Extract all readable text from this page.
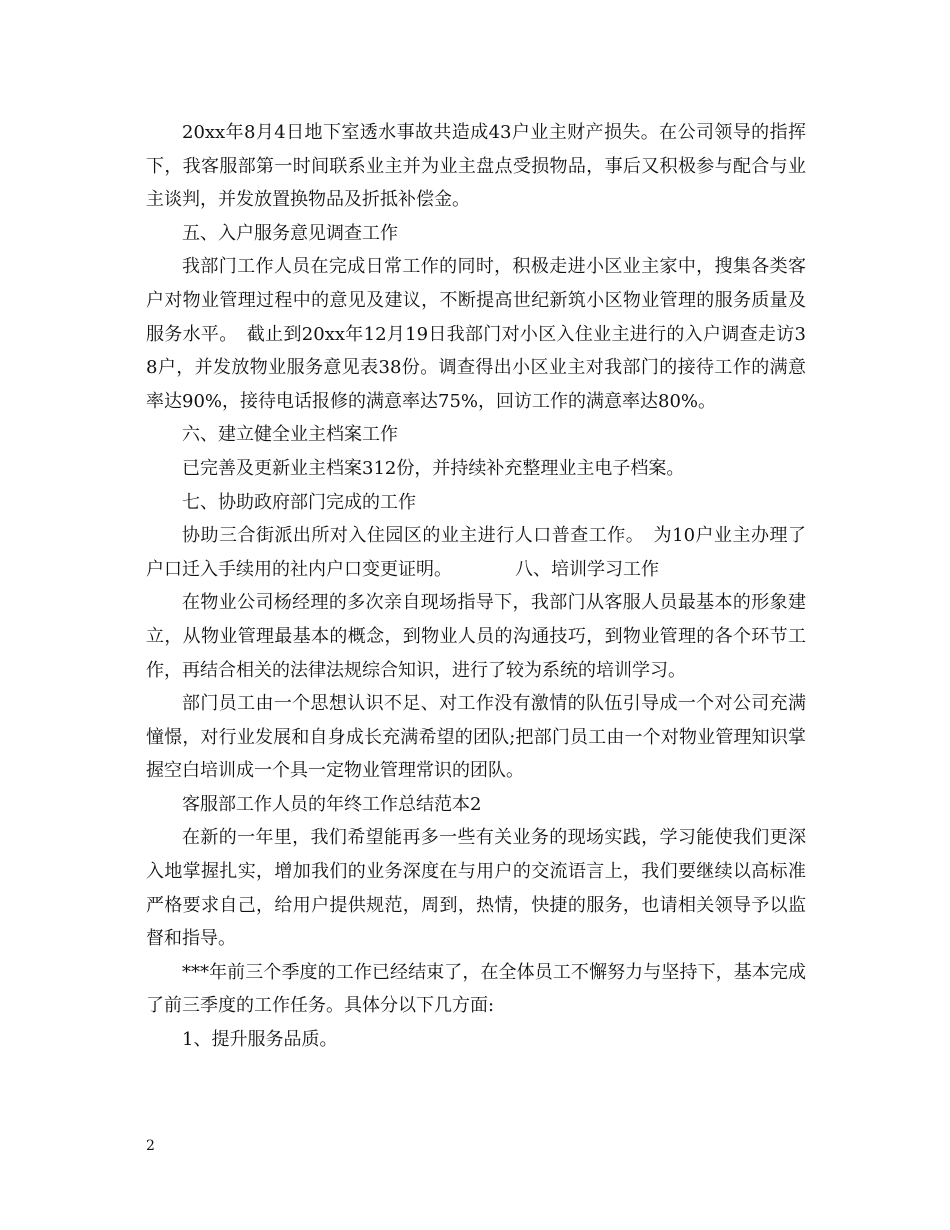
20xx年8月4日地下室透水事故共造成43户业主财产损失。在公司领导的指挥下，我客服部第一时间联系业主并为业主盘点受损物品，事后又积极参与配合与业主谈判，并发放置换物品及折抵补偿金。

五、入户服务意见调查工作

我部门工作人员在完成日常工作的同时，积极走进小区业主家中，搜集各类客户对物业管理过程中的意见及建议，不断提高世纪新筑小区物业管理的服务质量及服务水平。　截止到20xx年12月19日我部门对小区入住业主进行的入户调查走访38户，并发放物业服务意见表38份。调查得出小区业主对我部门的接待工作的满意率达90%，接待电话报修的满意率达75%，回访工作的满意率达80%。

六、建立健全业主档案工作

已完善及更新业主档案312份，并持续补充整理业主电子档案。

七、协助政府部门完成的工作

协助三合街派出所对入住园区的业主进行人口普查工作。　为10户业主办理了户口迁入手续用的社内户口变更证明。　　　　八、培训学习工作

在物业公司杨经理的多次亲自现场指导下，我部门从客服人员最基本的形象建立，从物业管理最基本的概念，到物业人员的沟通技巧，到物业管理的各个环节工作，再结合相关的法律法规综合知识，进行了较为系统的培训学习。

部门员工由一个思想认识不足、对工作没有激情的队伍引导成一个对公司充满憧憬，对行业发展和自身成长充满希望的团队;把部门员工由一个对物业管理知识掌握空白培训成一个具一定物业管理常识的团队。

客服部工作人员的年终工作总结范本2

在新的一年里，我们希望能再多一些有关业务的现场实践，学习能使我们更深入地掌握扎实，增加我们的业务深度在与用户的交流语言上，我们要继续以高标准严格要求自己，给用户提供规范，周到，热情，快捷的服务，也请相关领导予以监督和指导。

***年前三个季度的工作已经结束了，在全体员工不懈努力与坚持下，基本完成了前三季度的工作任务。具体分以下几方面:

1、提升服务品质。

2
